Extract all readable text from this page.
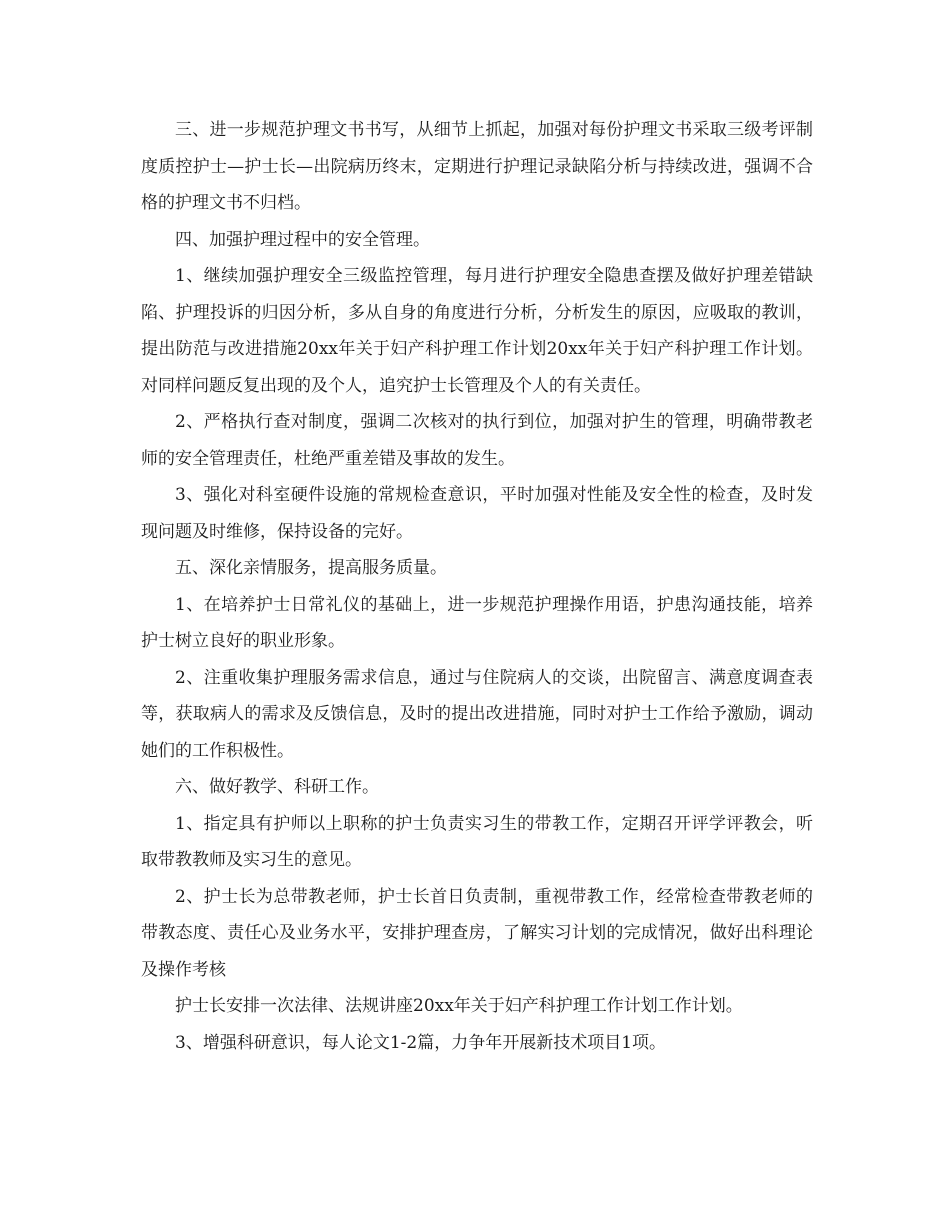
三、进一步规范护理文书书写，从细节上抓起，加强对每份护理文书采取三级考评制度质控护士—护士长—出院病历终末，定期进行护理记录缺陷分析与持续改进，强调不合格的护理文书不归档。

四、加强护理过程中的安全管理。

1、继续加强护理安全三级监控管理，每月进行护理安全隐患查摆及做好护理差错缺陷、护理投诉的归因分析，多从自身的角度进行分析，分析发生的原因，应吸取的教训，提出防范与改进措施20xx年关于妇产科护理工作计划20xx年关于妇产科护理工作计划。对同样问题反复出现的及个人，追究护士长管理及个人的有关责任。

2、严格执行查对制度，强调二次核对的执行到位，加强对护生的管理，明确带教老师的安全管理责任，杜绝严重差错及事故的发生。

3、强化对科室硬件设施的常规检查意识，平时加强对性能及安全性的检查，及时发现问题及时维修，保持设备的完好。

五、深化亲情服务，提高服务质量。

1、在培养护士日常礼仪的基础上，进一步规范护理操作用语，护患沟通技能，培养护士树立良好的职业形象。

2、注重收集护理服务需求信息，通过与住院病人的交谈，出院留言、满意度调查表等，获取病人的需求及反馈信息，及时的提出改进措施，同时对护士工作给予激励，调动她们的工作积极性。

六、做好教学、科研工作。

1、指定具有护师以上职称的护士负责实习生的带教工作，定期召开评学评教会，听取带教教师及实习生的意见。

2、护士长为总带教老师，护士长首日负责制，重视带教工作，经常检查带教老师的带教态度、责任心及业务水平，安排护理查房，了解实习计划的完成情况，做好出科理论及操作考核

护士长安排一次法律、法规讲座20xx年关于妇产科护理工作计划工作计划。

3、增强科研意识，每人论文1-2篇，力争年开展新技术项目1项。
